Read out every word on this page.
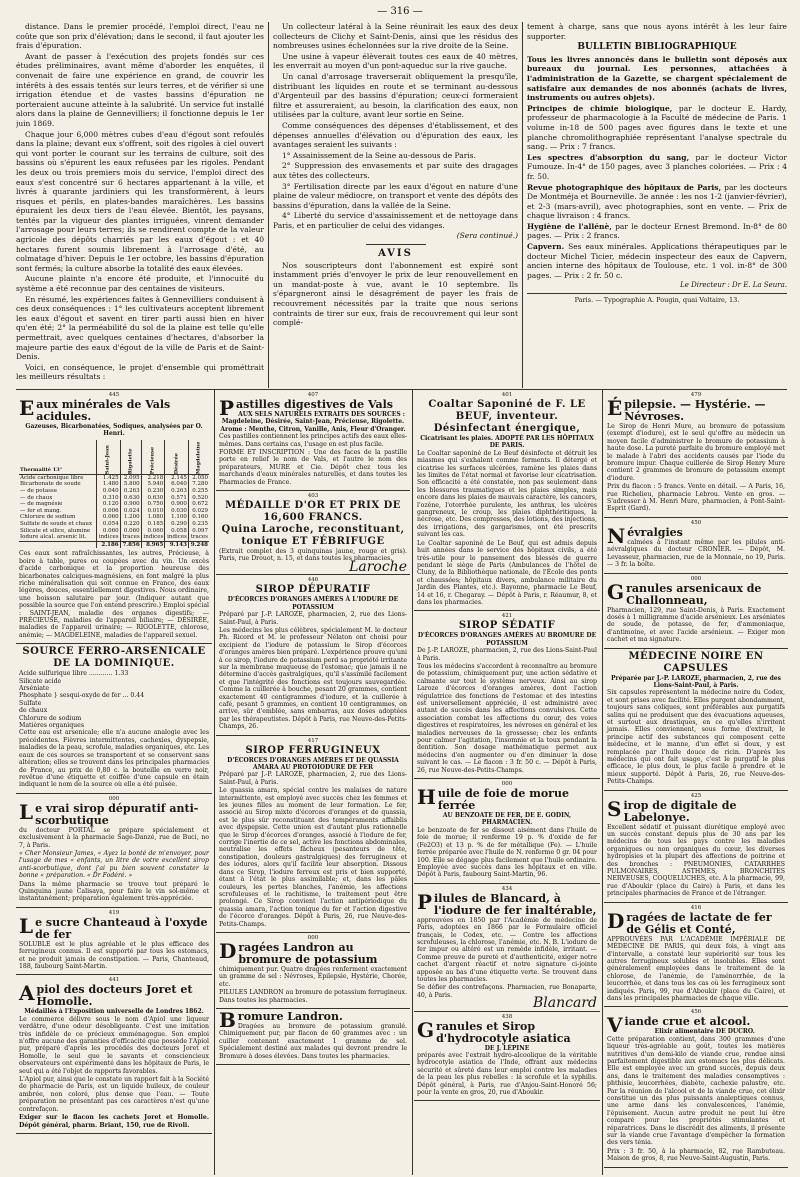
— 316 —

distance. Dans le premier procédé, l'emploi direct, l'eau ne coûte que son prix d'élévation; dans le second, il faut ajouter les frais d'épuration.

Avant de passer à l'exécution des projets fondés sur ces études préliminaires, avant même d'aborder les enquêtes, il convenait de faire une expérience en grand, de couvrir les intérêts à des essais tentés sur leurs terres, et de vérifier si une irrigation étendue et de vastes bassins d'épuration ne porteraient aucune atteinte à la salubrité. Un service fut installé alors dans la plaine de Gennevilliers; il fonctionne depuis le 1er juin 1869.

Chaque jour 6,000 mètres cubes d'eau d'égout sont refoulés dans la plaine; devant eux s'offrent, soit des rigoles à ciel ouvert qui vont porter le courant sur les terrains de culture, soit des bassins où s'épurent les eaux refusées par les rigoles. Pendant les deux ou trois premiers mois du service, l'emploi direct des eaux s'est concentré sur 6 hectares appartenant à la ville, et livrés à quarante jardiniers qui les transformèrent, à leurs risques et périls, en plates-bandes maraîchères. Les bassins épuraient les deux tiers de l'eau élevée. Bientôt, les paysans, tentés par la vigueur des plantes irriguées, vinrent demander l'arrosage pour leurs terres; ils se rendirent compte de la valeur agricole des dépôts charriés par les eaux d'égout : et 40 hectares furent soumis librement à l'arrosage d'été, au colmatage d'hiver. Depuis le 1er octobre, les bassins d'épuration sont fermés; la culture absorbe la totalité des eaux élevées.

Aucune plainte n'a encore été produite, et l'innocuité du système a été reconnue par des centaines de visiteurs.

En résumé, les expériences faites à Gennevilliers conduisent à ces deux conséquences : 1° les cultivateurs acceptent librement les eaux d'égout et savent en tirer parti aussi bien en hiver qu'en été; 2° la perméabilité du sol de la plaine est telle qu'elle permettrait, avec quelques centaines d'hectares, d'absorber la majeure partie des eaux d'égout de la ville de Paris et de Saint-Denis.

Voici, en conséquence, le projet d'ensemble qui prométtrait les meilleurs résultats :

Un collecteur latéral à la Seine réunirait les eaux des deux collecteurs de Clichy et Saint-Denis, ainsi que les résidus des nombreuses usines échelonnées sur la rive droite de la Seine.

Une usine à vapeur élèverait toutes ces eaux de 40 mètres, les enverrait au moyen d'un pont-aqueduc sur la rive gauche.

Un canal d'arrosage traverserait obliquement la presqu'île, distribuant les liquides en route et se terminant au-dessous d'Argenteuil par des bassins d'épuration; ceux-ci formeraient filtre et assureraient, au besoin, la clarification des eaux, non utilisées par la culture, avant leur sortie en Seine.

Comme conséquences des dépenses d'établissement, et des dépenses annuelles d'élévation ou d'épuration des eaux, les avantages seraient les suivants :

1° Assainissement de la Seine au-dessous de Paris.

2° Suppression des envasements et par suite des dragages aux têtes des collecteurs.

3° Fertilisation directe par les eaux d'égout en nature d'une plaine de valeur médiocre, on transport et vente des dépôts des bassins d'épuration, dans la vallée de la Seine.

4° Liberté du service d'assainissement et de nettoyage dans Paris, et en particulier de celui des vidanges.

(Sera continué.)

AVIS

Nos souscripteurs dont l'abonnement est expiré sont instamment priés d'envoyer le prix de leur renouvellement en un mandat-poste à vue, avant le 10 septembre. Ils s'épargneront ainsi le désagrément de payer les frais de recouvrement nécessités par la traite que nous serions contraints de tirer sur eux, frais de recouvrement qui leur sont complé-

tement à charge, sans que nous ayons intérêt à les leur faire supporter.

BULLETIN BIBLIOGRAPHIQUE

Tous les livres annoncés dans le bulletin sont déposés aux bureaux du journal. Les personnes, attachées à l'administration de la Gazette, se chargent spécialement de satisfaire aux demandes de nos abonnés (achats de livres, instruments ou autres objets).

Principes de chimie biologique, par le docteur E. Hardy, professeur de pharmacologie à la Faculté de médecine de Paris. 1 volume in-18 de 500 pages avec figures dans le texte et une planche chromolithographiée représentant l'analyse spectrale du sang. — Prix : 7 francs.

Les spectres d'absorption du sang, par le docteur Victor Fumouze. In-4° de 150 pages, avec 3 planches coloriées. — Prix : 4 fr. 50.

Revue photographique des hôpitaux de Paris, par les docteurs De Montméja et Bourneville. 3e année : les nos 1-2 (janvier-février), et 2-3 (mars-avril), avec photographies, sont en vente. — Prix de chaque livraison : 4 francs.

Hygiène de l'allénè, par le docteur Ernest Bremond. In-8° de 80 pages. — Prix : 2 francs.

Capvern. Ses eaux minérales. Applications thérapeutiques par le docteur Michel Ticier, médecin inspecteur des eaux de Capvern, ancien interne des hôpitaux de Toulouse, etc. 1 vol. in-8° de 300 pages. — Prix : 2 fr. 50 c.

Le Directeur : Dr E. La Seura.
Paris. — Typographie A. Pougin, quai Voltaire, 13.
445
Eaux minérales de Vals acidules.
Gazeuses, Bicarbonatées, Sodiques, analysées par O. Henri.
Thermalité 13°	Saint-Jean	Rigolette	Précieuse	Désirée	Magdeleine
Acide carbonique libre	1.425	2.095	2.218	2.145	2.050
Bicarbonate de soude	1.480	5.800	5.940	6.040	7.280
— de potasse	0.040	0.263	0.230	0.263	0.255
— de chaux	0.310	0.630	0.630	0.571	0.520
— de magnésie	0.120	0.900	0.750	0.900	0.672
— fer et mang.	0.006	0.024	0.010	0.030	0.029
Chlorure de sodium	0.060	1.200	1.080	1.100	0.160
Sulfate de soude et chaux	0.054	0.220	0.185	0.290	0.235
Silicate et silice, alumine	0.060	0.060	0.060	0.058	0.097
Iodure alcal. arsenic lit.	indices	traces	indices	indices	traces
	2.186	7.856	8.965	9.143	9.248

Ces eaux sont rafraîchissantes, les autres, Précieuse, à boire à table, pures ou coupées avec du vin. Un excès d'acide carbonique et la proportion heureuse des bicarbonates calciques-magnésiens, en font malgré la plus riche minéralisation qui soit connue en France, des eaux légères, douces, essentiellement digestives. Nous ordinaire, une boisson salutaire par jour. (Indiquer autant que possible la source que l'on entend prescrire.) Emploi spécial : SAINT-JEAN, maladie des organes digestifs; — PRÉCIEUSE, maladies de l'appareil biliaire; — DÉSIRÉE, maladies de l'appareil urinaire; — RIGOLETTE, chlorose, anémie; — MAGDELEINE, maladies de l'appareil sexuel.

SOURCE FERRO-ARSENICALE DE LA DOMINIQUE.
Acide sulfurique libre ............ 1.33
Silicate acide
Arséniate
Phosphate } sesqui-oxyde de fer ... 0.44
Sulfate
de chaux
Chlorure de sodium
Matières organiques

Cette eau est arsenicale; elle n'a aucune analogie avec les précédentes. Fièvres intermittentes, cachexies, dyspepsie, maladies de la peau, scrofule, maladies organiques, etc. Les eaux de ces sources se transportent et se conservent sans altération; elles se trouvent dans les principales pharmacies de France, au prix de 0,80 c. la bouteille en verre noir, revêtue d'une étiquette et coiffée d'une capsule en étain indiquant le nom de la source où elle a été puisée.

000
Le vrai sirop dépuratif anti-scorbutique

du docteur PORTAL se prépare spécialement et exclusivement à la pharmacie Sage-Danzé, rue de Buci, no 7, à Paris.

« Cher Monsieur James, « Ayez la bonté de m'envoyer, pour l'usage de mes « enfants, un litre de votre excellent sirop anti-scorbutique, dont j'ai pu bien souvent constater la bonne « préparation. « Dr Fodéré. »

Dans la même pharmacie se trouve tout préparé le Quinquina jaune Calisaya, pour faire le vin sol-même et instantanément; préparation également très-appréciée.

419
Le sucre Chanteaud à l'oxyde de fer

SOLUBLE est le plus agréable et le plus efficace des ferrugineux connus. Il est supporté par tous les estomacs, et ne produit jamais de constipation. — Paris, Chanteaud, 188, faubourg Saint-Martin.

441
Apiol des docteurs Joret et Homolle.
Médaillés à l'Exposition universelle de Londres 1862.

Le commerce délivre sous le nom d'Apiol une liqueur verdâtre, d'une odeur désobligeante. C'est une imitation très infidèle de ce précieux emménagogue. Son emploi n'offre aucune des garanties d'efficacité que possède l'Apiol pur, préparé d'après les procédés des docteurs Joret et Homolle, le seul que le savants et consciencieux observateurs ont expérimenté dans les hôpitaux de Paris, le seul qui a été l'objet de rapports favorables.

L'Apiol pur, ainsi que le constate un rapport fait à la Société de pharmacie de Paris, est un liquide huileux, de couleur ambrée, non coloré, plus dense que l'eau. — Toute préparation ne présentant pas ces caractères n'est qu'une contrefaçon.

Exiger sur le flacon les cachets Joret et Homolle. Dépôt général, pharm. Briant, 150, rue de Rivoli.

407
Pastilles digestives de Vals
AUX SELS NATURELS EXTRAITS DES SOURCES : Magdeleine, Désirée, Saint-Jean, Précieuse, Rigolette. Arome : Menthe, Citron, Vanille, Anis, Fleur d'Oranger.

Ces pastilles contiennent les principes actifs des eaux elles-mêmes. Dans certains cas, l'usage en est plus facile.

FORME ET INSCRIPTION : Une des faces de la pastille porte en relief le nom de Vals, et l'autre le nom des préparateurs, MURE et Cie. Dépôt chez tous les marchands d'eaux minérales naturelles, et dans toutes les Pharmacies de France.

403
MÉDAILLE D'OR ET PRIX DE 16,600 FRANCS.
Quina Laroche, reconstituant, tonique ET FÉBRIFUGE

(Extrait complet des 3 quinquinas jaune, rouge et gris). Paris, rue Drouot, n. 15, et dans toutes les pharmacies.

Laroche
446
SIROP DÉPURATIF
D'ÉCORCES D'ORANGES AMÈRES À L'IODURE DE POTASSIUM

Préparé par J.-P. LAROZE, pharmacien, 2, rue des Lions-Saint-Paul, à Paris.

Les médecins les plus célèbres, spécialement M. le docteur Ph. Ricord et M. le professeur Nélaton ont choisi pour excipient de l'iodure de potassium le Sirop d'écorces d'oranges amères bien préparé. L'expérience prouve qu'uni à ce sirop, l'iodure de potassium perd sa propriété irritante sur la membrane muqueuse de l'estomac; que jamais il ne détermine d'accès gastralgiques, qu'il s'assimile facilement et que l'intégrité des fonctions est toujours sauvegardée. Comme la cuillerée à bouche, pesant 20 grammes, contient exactement 40 centigrammes d'iodure, et la cuillerée à café, pesant 5 grammes, en contient 10 centigrammes, on arrive, sûr d'emblée, sans embarras, aux doses adoptées par les thérapeutistes. Dépôt à Paris, rue Neuve-des-Petits-Champs, 26.

417
SIROP FERRUGINEUX
D'ÉCORCES D'ORANGES AMÈRES ET DE QUASSIA AMARA AU PROTOIODURE DE FER

Préparé par J.-P. LAROZE, pharmacien, 2, rue des Lions-Saint-Paul, à Paris.

Le quassia amara, spécial contre les malaises de nature intermittente, est employé avec succès chez les femmes et les jeunes filles au moment de leur formation. Le fer, associé au Sirop mixte d'écorces d'oranges et de quassia, est le plus sûr reconstituant des tempéraments affaiblis avec dyspepsie. Cette union est d'autant plus rationnelle que le Sirop d'écorces d'oranges, associé à l'iodure de fer, corrige l'inertie de ce sel, active les fonctions abdominales, neutralise les effets fâcheux (pesanteurs de tête, constipation, douleurs gastralgiques) des ferrugineux et des iodures, alors qu'il facilite leur absorption. Dissous dans ce Sirop, l'iodure ferreux est pris et bien supporté, étant à l'état le plus assimilable; et, dans les pâles couleurs, les pertes blanches, l'anémie, les affections scrofuleuses et le rachitisme, le traitement peut être prolongé. Ce Sirop convient l'action antipériodique du quassia amara, l'action tonique du fer et l'action digestive de l'écorce d'oranges. Dépôt à Paris, 26, rue Neuve-des-Petits-Champs.

000
Dragées Landron au bromure de potassium

chimiquement pur. Quatre dragées renferment exactement un gramme de sel : Névroses, Épilepsie, Hystérie, Chorée, etc.

PILULES LANDRON au bromure de potassium ferrugineux. Dans toutes les pharmacies.

Bromure Landron.

Dragées au bromure de potassium granulé. Chimiquement pur, par flacon de 60 grammes avec : un cuiller contenant exactement 1 gramme de sel. Spécialement destiné aux malades qui devront prendre le Bromure à doses élevées. Dans toutes les pharmacies.

401
Coaltar Saponiné de F. LE BEUF, inventeur. Désinfectant énergique,
Cicatrisant les plaies. ADOPTÉ PAR LES HÔPITAUX DE PARIS.

Le Coaltar saponiné de Le Beuf désinfecte et détruit les miasmes qui s'exhalent comme ferments. Il détergé et cicatrise les surfaces ulcérées, ramène les plaies dans les limites de l'état normal et favorise leur cicatrisation. Son efficacité a été constatée, non pas seulement dans les blessures traumatiques et les plaies simples, mais encore dans les plaies de mauvais caractère, les cancers, l'ozène, l'otorrhée purulente, les anthrax, les ulcères gangreneux, le croup, les plaies diphthéritiques, la nécrose, etc. Des compresses, des lotions, des injections, des irrigations, des gargarismes, ont été prescrits suivant les cas.

Le Coaltar saponiné de Le Beuf, qui est admis depuis huit années dans le service des hôpitaux civils, a été très-utile pour le pansement des blessés de guerre pendant le siège de Paris (Ambulances de l'hôtel de Cluny, de la Bibliothèque nationale, de l'École des ponts et chaussées; hôpitaux divers, ambulance militaire du Jardin des Plantes, etc.). Bayonne, pharmacie Le Beuf, 14 et 16, r. Chegaray. — Dépôt à Paris, r. Réaumur, 8, et dans les pharmacies.

421
SIROP SÉDATIF
D'ÉCORCES D'ORANGES AMÈRES AU BROMURE DE POTASSIUM

De J.-P. LAROZE, pharmacien, 2, rue des Lions-Saint-Paul à Paris.

Tous les médecins s'accordent à reconnaître au bromure de potassium, chimiquement pur, une action sédative et calmante sur tout le système nerveux. Ainsi au sirop Laroze d'écorces d'oranges amères, dont l'action régulatrice des fonctions de l'estomac et des intestins est universellement appréciée, il est administré avec autant de succès dans les affections convulsives. Cette association combat les affections du cœur, des voies digestives et respiratoires, les névroses en général et les maladies nerveuses de la grossesse; chez les enfants pour calmer l'agitation, l'insomnie et la toux pendant la dentition. Son dosage mathématique permet aux médecins d'en augmenter ou d'en diminuer la dose suivant le cas. — Le flacon : 3 fr. 50 c. — Dépôt à Paris, 26, rue Neuve-des-Petits-Champs.

000
Huile de foie de morue ferrée
AU BENZOATE DE FER, DE E. GODIN, PHARMACIEN.

Le benzoate de fer se dissout aisément dans l'huile de foie de morue; il renferme 19 p. % d'oxide de fer (Fe2O3) et 13 p. % de fer métallique (Fe). — L'huile ferrée préparée avec l'huile de N. renferme 0 gr. 04 pour 100. Elle se dégage plus facilement que l'huile ordinaire. Employée avec succès dans les hôpitaux et en ville. Dépôt à Paris, faubourg Saint-Martin, 96.

434
Pilules de Blancard, à l'iodure de fer inaltérable,

approuvées en 1850 par l'Académie de médecine de Paris, adoptées en 1866 par le Formulaire officiel français, le Codex, etc. — Contre les affections scrofuleuses, la chlorose, l'anémie, etc. N. B. L'iodure de fer impur ou altéré est un remède infidèle, irritant. — Comme preuve de pureté et d'authenticité, exiger notre cachet d'argent réactif et notre signature ci-jointe apposée au bas d'une étiquette verte. Se trouvent dans toutes les pharmacies.

Se défier des contrefaçons. Pharmacien, rue Bonaparte, 40, à Paris.	Blancard
438
Granules et Sirop d'hydrocotyle asiatica
DE J. LÉPINE

préparés avec l'extrait hydro-alcoolique de la véritable hydrocotyle asiatica de l'Inde, offrant aux médecins sécurité et sûreté dans leur emploi contre les maladies de la peau les plus rebelles : la scrofule et la syphilis. Dépôt général, à Paris, rue d'Anjou-Saint-Honoré 56; pour la vente en gros, 20, rue d'Aboukir.

479
Épilepsie. — Hystérie. — Névroses.

Le Sirop de Henri Mure, au bromure de potassium (exempt d'iodure), est le seul qu'offre au médecin un moyen facile d'administrer le bromure de potassium à haute dose. La pureté parfaite du bromure employé met le malade à l'abri des accidents causés par l'iode du bromure impur. Chaque cuillerée de Sirop Henry Mure contient 2 grammes de bromure de potassium exempt d'iodure.

Prix du flacon : 5 francs. Vente en détail. — A Paris, 16, rue Richelieu, pharmacie Lebrou. Vente en gros. — S'adresser à M. Henri Mure, pharmacien, à Pont-Saint-Esprit (Gard).

450
Névralgies

calmées à l'instant même par les pilules anti-névralgiques du docteur CRONIER. — Dépôt, M. Levasseur, pharmacien, rue de la Monnaie, no 19, Paris. — 3 fr. la boîte.

000
Granules arsenicaux de Challonneau,

Pharmacien, 129, rue Saint-Denis, à Paris. Exactement dosés à 1 milligramme d'acide arsénieux. Les arséniates de soude, de potasse, de fer, d'ammoniaque, d'antimoine, et avec l'acide arsénieux. — Exiger mon cachet et ma signature.

MÉDECINE NOIRE EN CAPSULES
Préparée par J.-P. LAROZE, pharmacien, 2, rue des Lions-Saint-Paul, à Paris.

Six capsules représentent la médecine noire du Codex, et sont prises avec facilité. Elles purgent abondamment, toujours sans coliques, sont préférables aux purgatifs salins qui ne produisent que des évacuations aqueuses, et surtout aux drastiques, en ce qu'elles n'irritent jamais. Elles conviennent, sous forme d'extrait, le principe actif des substances qui composent cette médecine, et le manne, d'un effet si doux, y est remplacée par l'huile douce de ricin. D'après les médecins qui ont fait usage, c'est le purgatif le plus efficace, le plus doux, le plus facile à prendre et le mieux supporté. Dépôt à Paris, 26, rue Neuve-des-Petits-Champs.

425
Sirop de digitale de Labelonye.

Excellent sédatif et puissant diurétique employé avec un succès constant depuis plus de 30 ans par les médecins de tous les pays contre les maladies organiques ou non organiques du cœur, les diverses hydropisies et la plupart des affections de poitrine et des bronches : PNEUMONIES, CATARRHES PULMONAIRES, ASTHMES, BRONCHITES NERVEUSES, COQUELUCHES, etc. À la pharmacie, 99, rue d'Aboukir (place du Caire) à Paris, et dans les principales pharmacies de France et de l'étranger.

416
Dragées de lactate de fer de Gélis et Conté,

APPROUVÉES PAR L'ACADÉMIE IMPÉRIALE DE MÉDECINE DE PARIS, qui deux fois, à vingt ans d'intervalle, a constaté leur supériorité sur tous les autres ferrugineux solubles et insolubles. Elles sont généralement employées dans le traitement de la chlorose, de l'anémie, de l'aménorrhée, de la leucorrhée, et dans tous les cas où les ferrugineux sont indiqués. Paris, 99, rue d'Aboukir (place du Caire), et dans les principales pharmacies de chaque ville.

456
Viande crue et alcool.
Elixir alimentaire DE DUCRO.

Cette préparation contient, dans 300 grammes d'une liqueur très-agréable au goût, toutes les matières nutritives d'un demi-kilo de viande crue, rendue ainsi parfaitement digestible aux estomacs les plus délicats. Elle est employée avec un grand succès, depuis deux ans, dans le traitement des maladies consomptives : phthisie, leucorrhées, diabète, cachexie palustre, etc. Par la réunion de l'alcool et de la viande crue, cet élixir constitue un des plus puissants analeptiques connus, une arme dans les convalescences, l'anémie, l'épuisement. Aucun autre produit ne peut lui être comparé pour les propriétés stimulantes et réparatrices. Dans le discrédit des aliments, il présente sur la viande crue l'avantage d'empêcher la formation des vers ténia.

Prix : 3 fr. 50, à la pharmacie, 82, rue Rambuteau. Maison de gros, 8, rue Neuve-Saint-Augustin, Paris.
